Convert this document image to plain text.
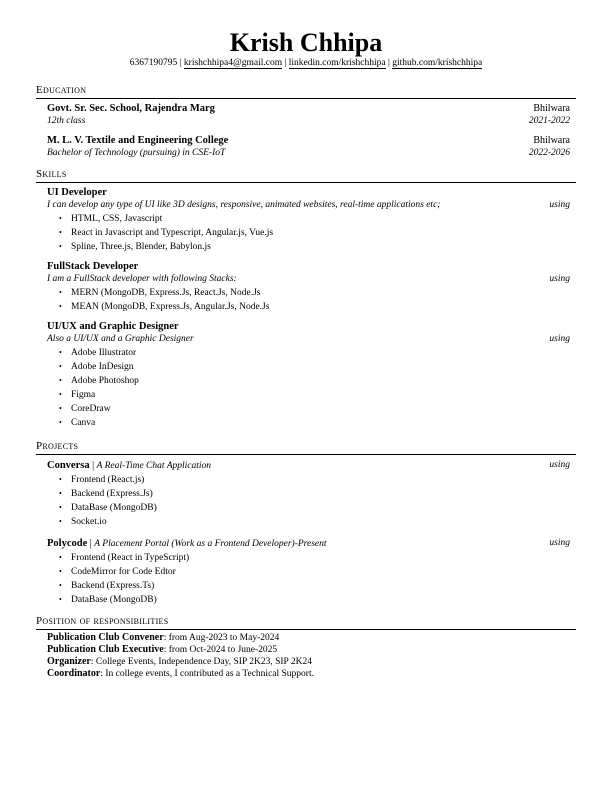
Krish Chhipa
6367190795 | krishchhipa4@gmail.com | linkedin.com/krishchhipa | github.com/krishchhipa
Education
Govt. Sr. Sec. School, Rajendra Marg	Bhilwara
12th class	2021-2022
M. L. V. Textile and Engineering College	Bhilwara
Bachelor of Technology (pursuing) in CSE-IoT	2022-2026
Skills
UI Developer
I can develop any type of UI like 3D designs, responsive, animated websites, real-time applications etc;	using
• HTML, CSS, Javascript
• React in Javascript and Typescript, Angular.js, Vue.js
• Spline, Three.js, Blender, Babylon.js
FullStack Developer
I am a FullStack developer with following Stacks:	using
• MERN (MongoDB, Express.Js, React.Js, Node.Js
• MEAN (MongoDB, Express.Js, Angular.Js, Node.Js
UI/UX and Graphic Designer
Also a UI/UX and a Graphic Designer	using
• Adobe Illustrator
• Adobe InDesign
• Adobe Photoshop
• Figma
• CoreDraw
• Canva
Projects
Conversa | A Real-Time Chat Application	using
• Frontend (React.js)
• Backend (Express.Js)
• DataBase (MongoDB)
• Socket.io
Polycode | A Placement Portal (Work as a Frontend Developer)-Present	using
• Frontend (React in TypeScript)
• CodeMirror for Code Edtor
• Backend (Express.Ts)
• DataBase (MongoDB)
Position of responsibilities
Publication Club Convener: from Aug-2023 to May-2024
Publication Club Executive: from Oct-2024 to June-2025
Organizer: College Events, Independence Day, SIP 2K23, SIP 2K24
Coordinator: In college events, I contributed as a Technical Support.
